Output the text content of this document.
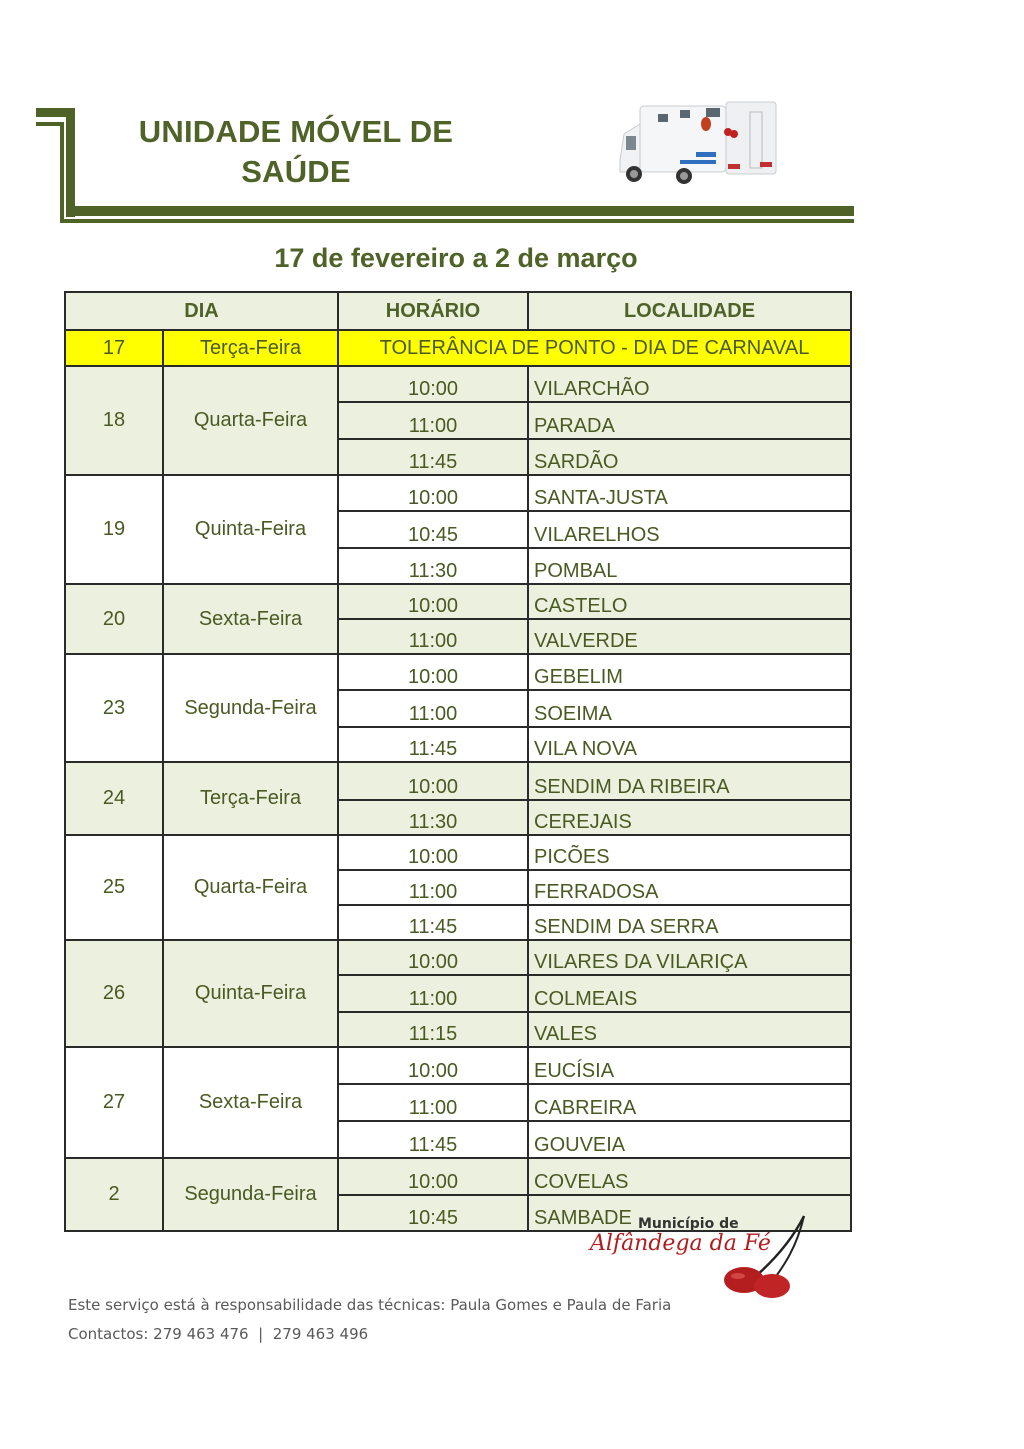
UNIDADE MÓVEL DE
SAÚDE
17 de fevereiro a 2 de março
DIA		HORÁRIO	LOCALIDADE
17	Terça-Feira	TOLERÂNCIA DE PONTO - DIA DE CARNAVAL	
18	Quarta-Feira	10:00	VILARCHÃO
		11:00	PARADA
		11:45	SARDÃO
19	Quinta-Feira	10:00	SANTA-JUSTA
		10:45	VILARELHOS
		11:30	POMBAL
20	Sexta-Feira	10:00	CASTELO
		11:00	VALVERDE
23	Segunda-Feira	10:00	GEBELIM
		11:00	SOEIMA
		11:45	VILA NOVA
24	Terça-Feira	10:00	SENDIM DA RIBEIRA
		11:30	CEREJAIS
25	Quarta-Feira	10:00	PICÕES
		11:00	FERRADOSA
		11:45	SENDIM DA SERRA
26	Quinta-Feira	10:00	VILARES DA VILARIÇA
		11:00	COLMEAIS
		11:15	VALES
27	Sexta-Feira	10:00	EUCÍSIA
		11:00	CABREIRA
		11:45	GOUVEIA
2	Segunda-Feira	10:00	COVELAS
		10:45	SAMBADE Município de
Alfândega da Fé
Este serviço está à responsabilidade das técnicas: Paula Gomes e Paula de Faria
Contactos: 279 463 476  |  279 463 496
